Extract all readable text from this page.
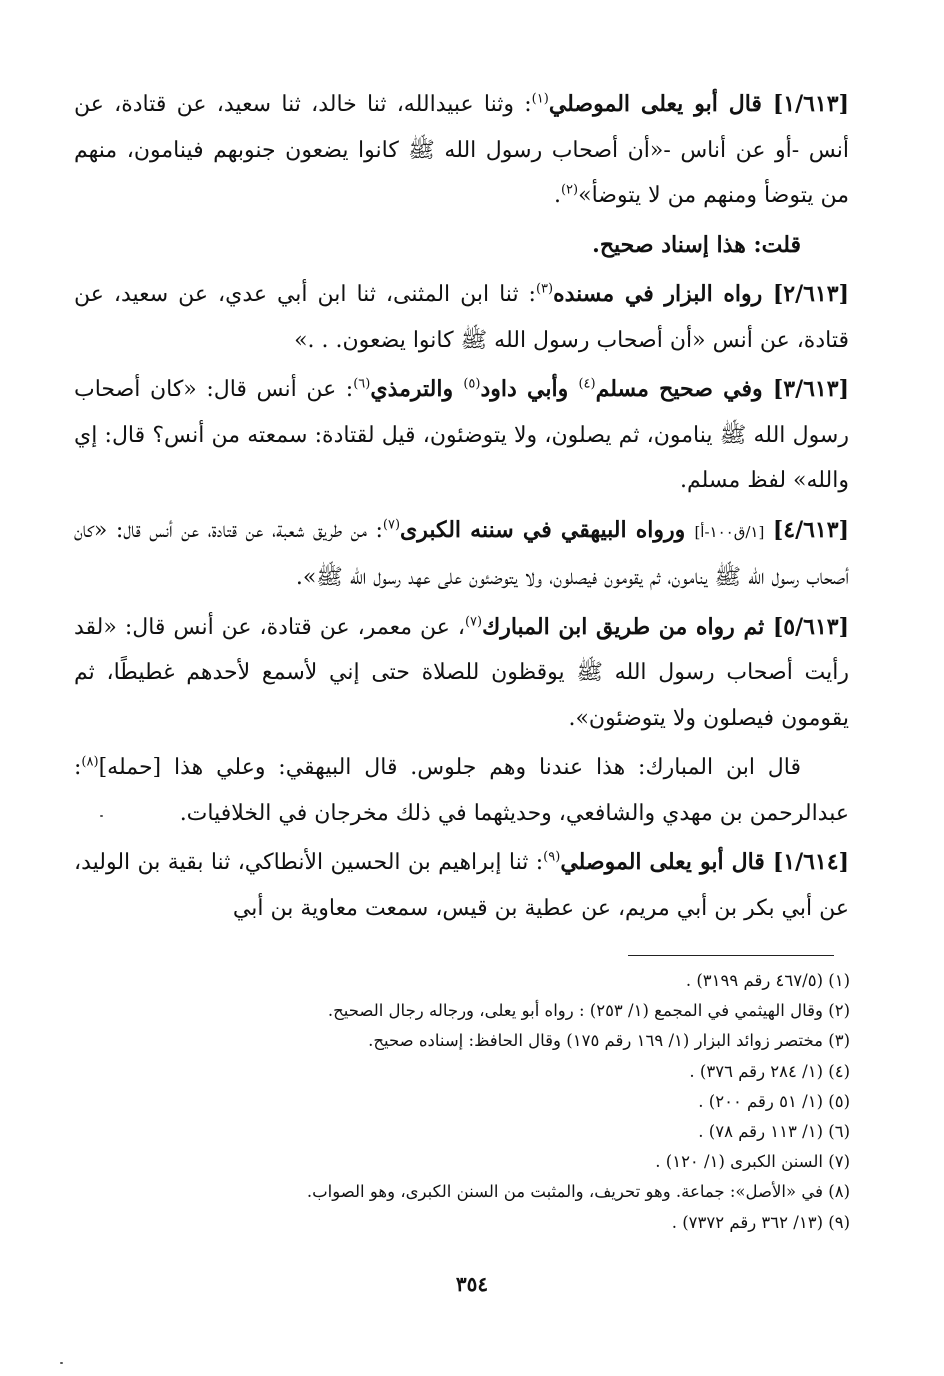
[١/٦١٣] قال أبو يعلى الموصلي$^{(١)}$: وثنا عبيدالله، ثنا خالد، ثنا سعيد، عن قتادة، عن أنس -أو عن أناس -«أن أصحاب رسول الله ﷺ كانوا يضعون جنوبهم فينامون، منهم من يتوضأ ومنهم من لا يتوضأ»$^{(٢)}$.

قلت: هذا إسناد صحيح.

[٢/٦١٣] رواه البزار في مسنده$^{(٣)}$: ثنا ابن المثنى، ثنا ابن أبي عدي، عن سعيد، عن قتادة، عن أنس «أن أصحاب رسول الله ﷺ كانوا يضعون. . .»

[٣/٦١٣] وفي صحيح مسلم$^{(٤)}$ وأبي داود$^{(٥)}$ والترمذي$^{(٦)}$: عن أنس قال: «كان أصحاب رسول الله ﷺ ينامون، ثم يصلون، ولا يتوضئون، قيل لقتادة: سمعته من أنس؟ قال: إي والله» لفظ مسلم.

[٤/٦١٣] [١/ق١٠٠-أ] ورواه البيهقي في سننه الكبرى$^{(٧)}$: من طريق شعبة، عن قتادة، عن أنس قال: «كان أصحاب رسول الله ﷺ ينامون، ثم يقومون فيصلون، ولا يتوضئون على عهد رسول الله ﷺ».

[٥/٦١٣] ثم رواه من طريق ابن المبارك$^{(٧)}$، عن معمر، عن قتادة، عن أنس قال: «لقد رأيت أصحاب رسول الله ﷺ يوقظون للصلاة حتى إني لأسمع لأحدهم غطيطًا، ثم يقومون فيصلون ولا يتوضئون».

قال ابن المبارك: هذا عندنا وهم جلوس. قال البيهقي: وعلي هذا [حمله]$^{(٨)}$: عبدالرحمن بن مهدي والشافعي، وحديثهما في ذلك مخرجان في الخلافيات.

[١/٦١٤] قال أبو يعلى الموصلي$^{(٩)}$: ثنا إبراهيم بن الحسين الأنطاكي، ثنا بقية بن الوليد، عن أبي بكر بن أبي مريم، عن عطية بن قيس، سمعت معاوية بن أبي

(١) (٤٦٧/٥ رقم ٣١٩٩) .
(٢) وقال الهيثمي في المجمع (١/ ٢٥٣) : رواه أبو يعلى، ورجاله رجال الصحيح.
(٣) مختصر زوائد البزار (١/ ١٦٩ رقم ١٧٥) وقال الحافظ: إسناده صحيح.
(٤) (١/ ٢٨٤ رقم ٣٧٦) .
(٥) (١/ ٥١ رقم ٢٠٠) .
(٦) (١/ ١١٣ رقم ٧٨) .
(٧) السنن الكبرى (١/ ١٢٠) .
(٨) في «الأصل»: جماعة. وهو تحريف، والمثبت من السنن الكبرى، وهو الصواب.
(٩) (١٣/ ٣٦٢ رقم ٧٣٧٢) .
٣٥٤
